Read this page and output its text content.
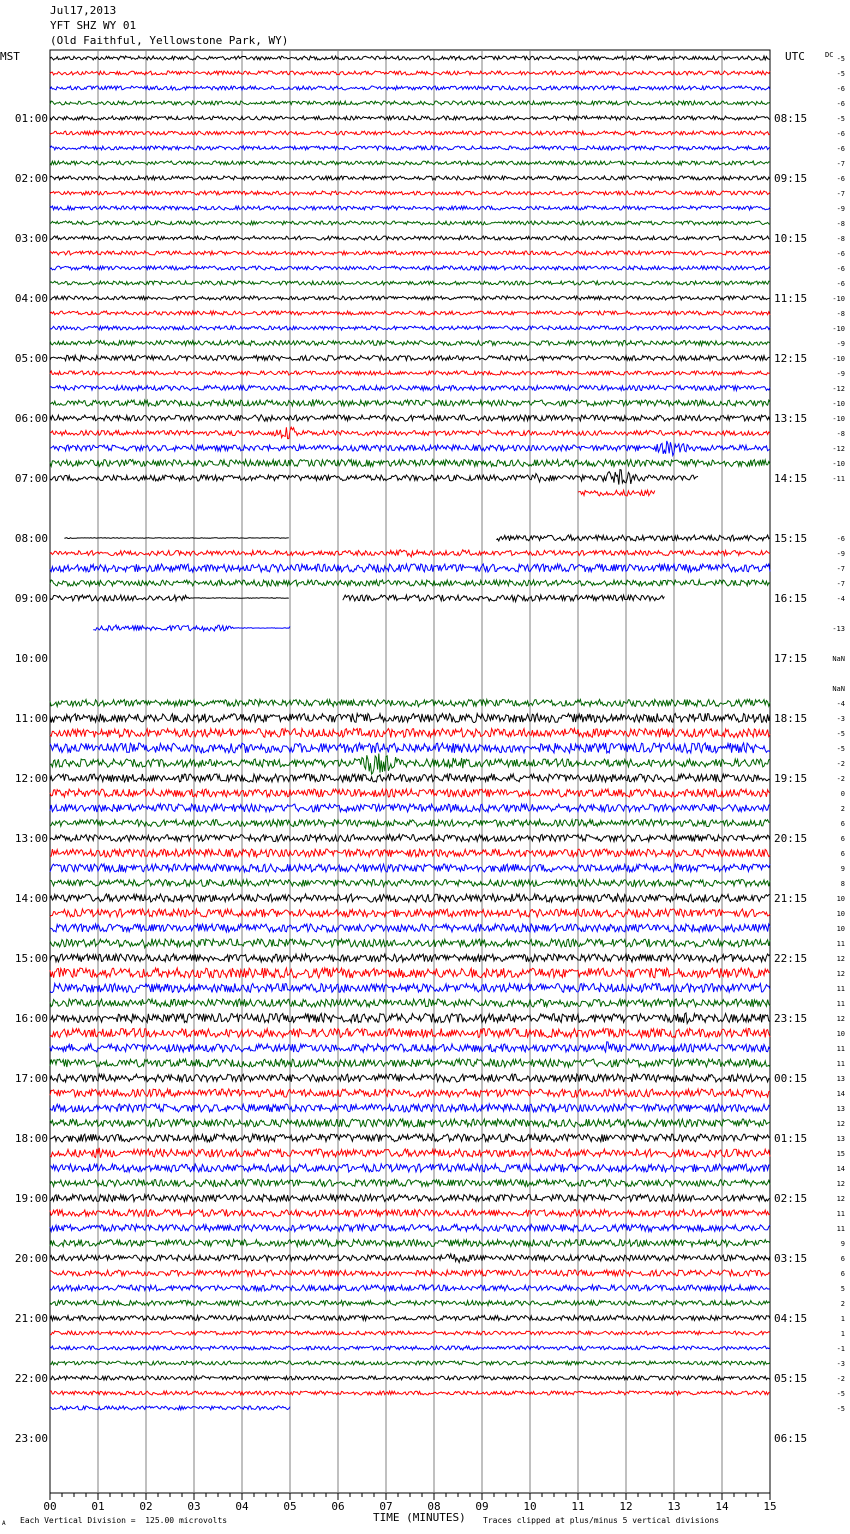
Jul17,2013
YFT SHZ WY 01
(Old Faithful, Yellowstone Park, WY)
MST	UTC	DC
00	01	02	03	04	05	06	07	08	09	10	11	12	13	14	15
01:00
02:00
03:00
04:00
05:00
06:00
07:00
08:00
09:00
10:00
11:00
12:00
13:00
14:00
15:00
16:00
17:00
18:00
19:00
20:00
21:00
22:00
23:00
08:15
09:15
10:15
11:15
12:15
13:15
14:15
15:15
16:15
17:15
18:15
19:15
20:15
21:15
22:15
23:15
00:15
01:15
02:15
03:15
04:15
05:15
06:15
-5
-5
-6
-6
-5
-6
-6
-7
-6
-7
-9
-8
-8
-6
-6
-6
-10
-8
-10
-9
-10
-9
-12
-10
-10
-8
-12
-10
-11
-6
-9
-7
-7
-4
-13
NaN
NaN
-4
-3
-5
-5
-2
-2
0
2
6
6
6
9
8
10
10
10
11
12
12
11
11
12
10
11
11
13
14
13
12
13
15
14
12
12
11
11
9
6
6
5
2
1
1
-1
-3
-2
-5
-5
Each Vertical Division =  125.00 microvolts	TIME (MINUTES) Traces clipped at plus/minus 5 vertical divisions
A
